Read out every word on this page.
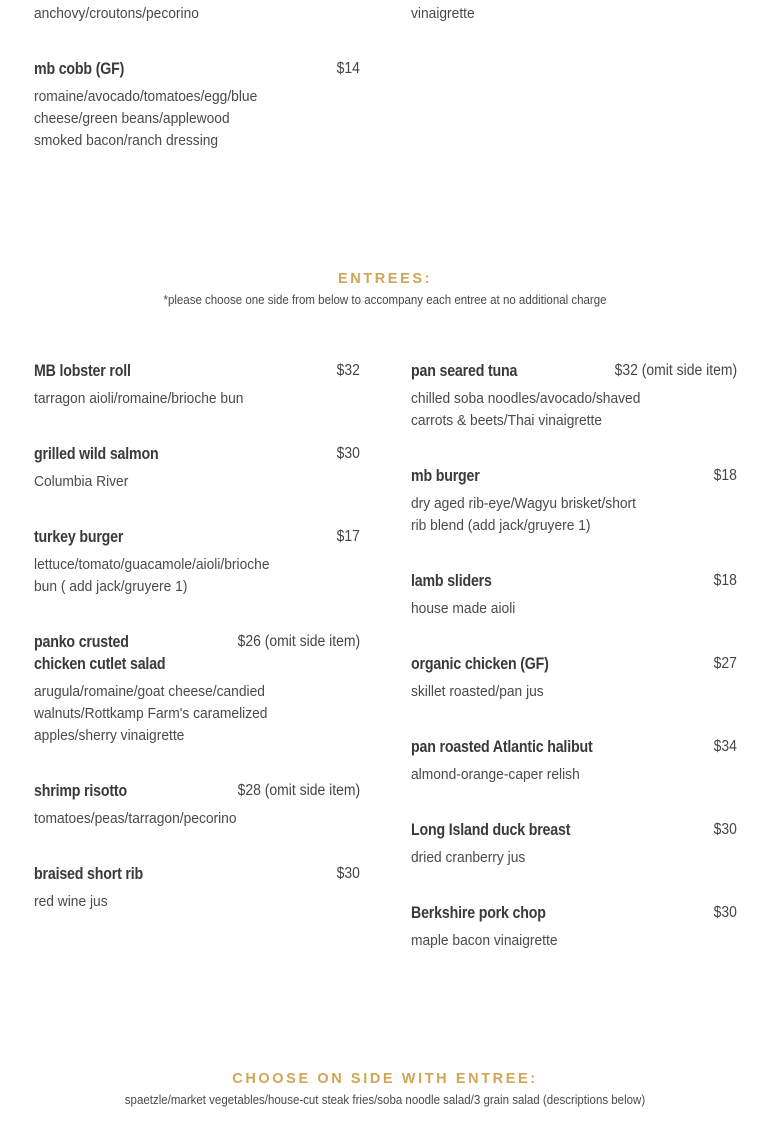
anchovy/croutons/pecorino	vinaigrette
mb cobb (GF)	$14
romaine/avocado/tomatoes/egg/blue
cheese/green beans/applewood
smoked bacon/ranch dressing
ENTREES:
*please choose one side from below to accompany each entree at no additional charge
MB lobster roll	$32
tarragon aioli/romaine/brioche bun
grilled wild salmon	$30
Columbia River
turkey burger	$17
lettuce/tomato/guacamole/aioli/brioche
bun ( add jack/gruyere 1)
panko crusted
chicken cutlet salad
$26 (omit side item)
arugula/romaine/goat cheese/candied
walnuts/Rottkamp Farm's caramelized
apples/sherry vinaigrette
shrimp risotto	$28 (omit side item)
tomatoes/peas/tarragon/pecorino
braised short rib	$30
red wine jus
pan seared tuna	$32 (omit side item)
chilled soba noodles/avocado/shaved
carrots & beets/Thai vinaigrette
mb burger	$18
dry aged rib-eye/Wagyu brisket/short
rib blend (add jack/gruyere 1)
lamb sliders	$18
house made aioli
organic chicken (GF)	$27
skillet roasted/pan jus
pan roasted Atlantic halibut	$34
almond-orange-caper relish
Long Island duck breast	$30
dried cranberry jus
Berkshire pork chop	$30
maple bacon vinaigrette
CHOOSE ON SIDE WITH ENTREE:
spaetzle/market vegetables/house-cut steak fries/soba noodle salad/3 grain salad (descriptions below)
